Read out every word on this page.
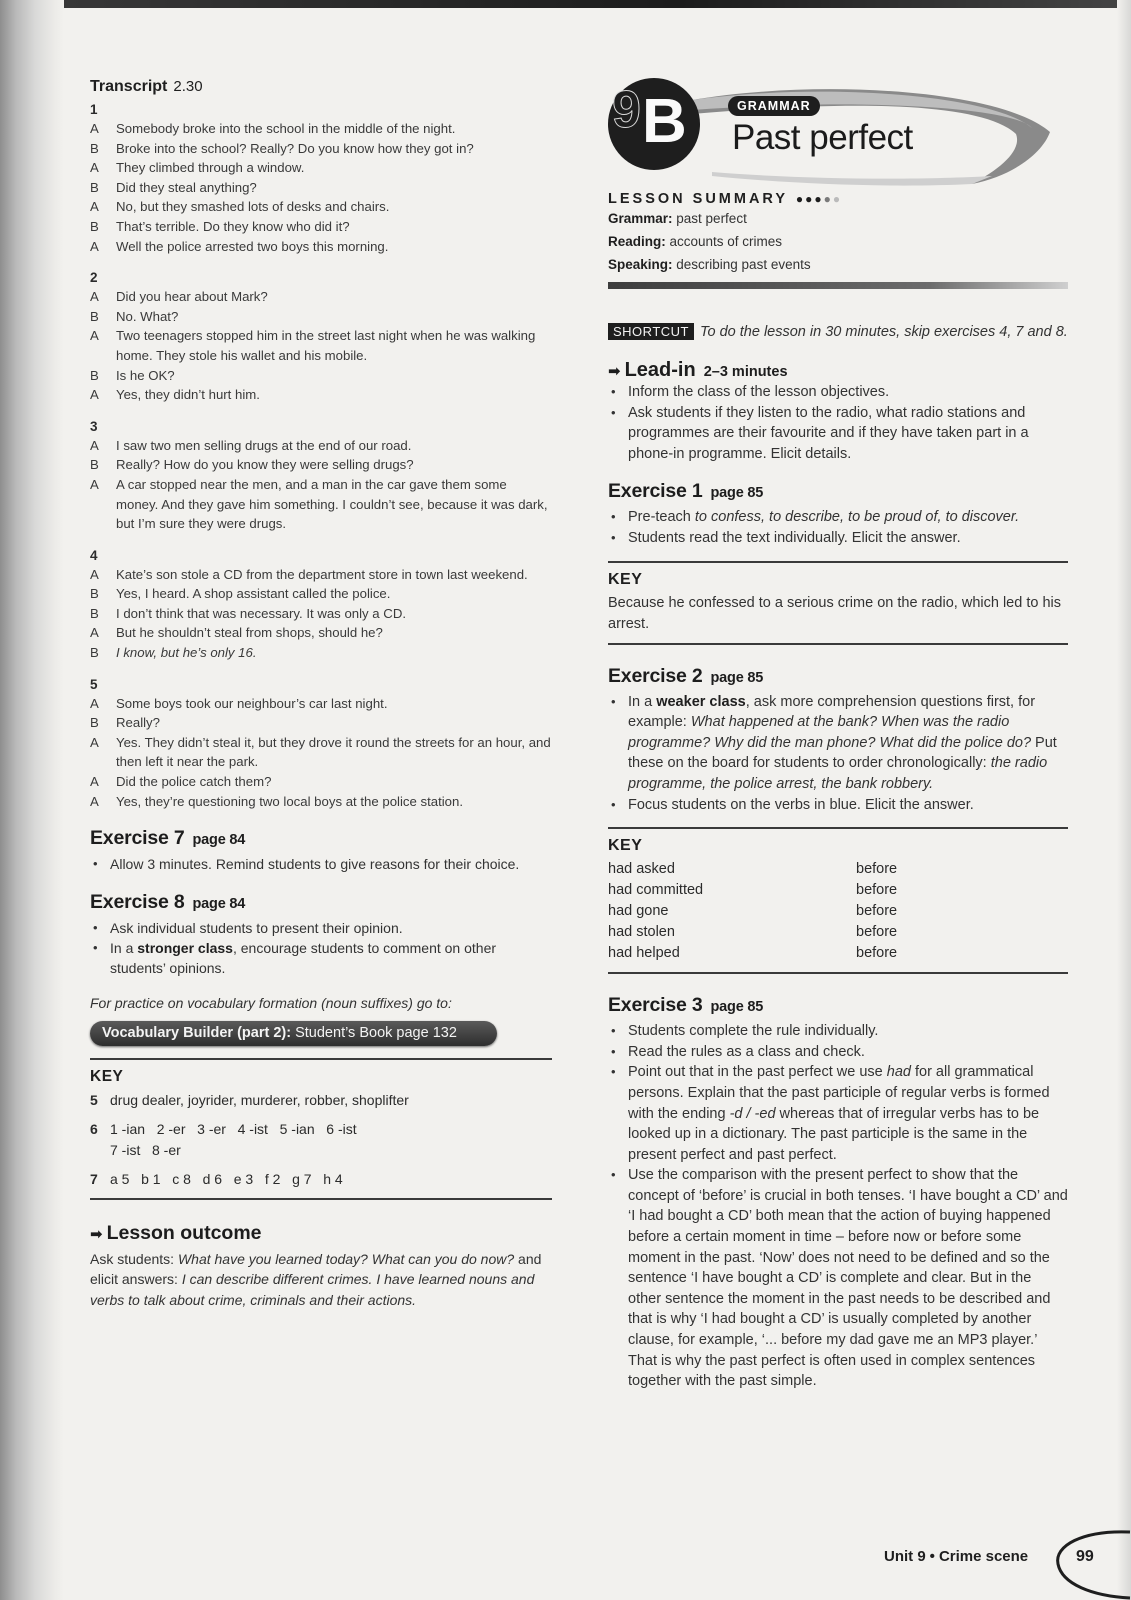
Transcript 2.30
1
A	Somebody broke into the school in the middle of the night.
B	Broke into the school? Really? Do you know how they got in?
A	They climbed through a window.
B	Did they steal anything?
A	No, but they smashed lots of desks and chairs.
B	That’s terrible. Do they know who did it?
A	Well the police arrested two boys this morning.
2
A	Did you hear about Mark?
B	No. What?
A	Two teenagers stopped him in the street last night when he was walking home. They stole his wallet and his mobile.
B	Is he OK?
A	Yes, they didn’t hurt him.
3
A	I saw two men selling drugs at the end of our road.
B	Really? How do you know they were selling drugs?
A	A car stopped near the men, and a man in the car gave them some money. And they gave him something. I couldn’t see, because it was dark, but I’m sure they were drugs.
4
A	Kate’s son stole a CD from the department store in town last weekend.
B	Yes, I heard. A shop assistant called the police.
B	I don’t think that was necessary. It was only a CD.
A	But he shouldn’t steal from shops, should he?
B	I know, but he’s only 16.
5
A	Some boys took our neighbour’s car last night.
B	Really?
A	Yes. They didn’t steal it, but they drove it round the streets for an hour, and then left it near the park.
A	Did the police catch them?
A	Yes, they’re questioning two local boys at the police station.
Exercise 7 page 84
• Allow 3 minutes. Remind students to give reasons for their choice.
Exercise 8 page 84
• Ask individual students to present their opinion.
• In a stronger class, encourage students to comment on other students’ opinions.
For practice on vocabulary formation (noun suffixes) go to:
Vocabulary Builder (part 2): Student’s Book page 132
KEY
5 drug dealer, joyrider, murderer, robber, shoplifter
6 1 -ian   2 -er   3 -er   4 -ist   5 -ian   6 -ist
7 -ist   8 -er
7 a 5   b 1   c 8   d 6   e 3   f 2   g 7   h 4
➡ Lesson outcome
Ask students: What have you learned today? What can you do now? and elicit answers: I can describe different crimes. I have learned nouns and verbs to talk about crime, criminals and their actions.
9 B	GRAMMAR
Past perfect
LESSON SUMMARY ●●●●●
Grammar: past perfect
Reading: accounts of crimes
Speaking: describing past events
SHORTCUT To do the lesson in 30 minutes, skip exercises 4, 7 and 8.
➡ Lead-in 2–3 minutes
• Inform the class of the lesson objectives.
• Ask students if they listen to the radio, what radio stations and programmes are their favourite and if they have taken part in a phone-in programme. Elicit details.
Exercise 1 page 85
• Pre-teach to confess, to describe, to be proud of, to discover.
• Students read the text individually. Elicit the answer.
KEY
Because he confessed to a serious crime on the radio, which led to his arrest.
Exercise 2 page 85
• In a weaker class, ask more comprehension questions first, for example: What happened at the bank? When was the radio programme? Why did the man phone? What did the police do? Put these on the board for students to order chronologically: the radio programme, the police arrest, the bank robbery.
• Focus students on the verbs in blue. Elicit the answer.
KEY
had asked	before
had committed	before
had gone	before
had stolen	before
had helped	before
Exercise 3 page 85
• Students complete the rule individually.
• Read the rules as a class and check.
• Point out that in the past perfect we use had for all grammatical persons. Explain that the past participle of regular verbs is formed with the ending -d / -ed whereas that of irregular verbs has to be looked up in a dictionary. The past participle is the same in the present perfect and past perfect.
• Use the comparison with the present perfect to show that the concept of ‘before’ is crucial in both tenses. ‘I have bought a CD’ and ‘I had bought a CD’ both mean that the action of buying happened before a certain moment in time – before now or before some moment in the past. ‘Now’ does not need to be defined and so the sentence ‘I have bought a CD’ is complete and clear. But in the other sentence the moment in the past needs to be described and that is why ‘I had bought a CD’ is usually completed by another clause, for example, ‘... before my dad gave me an MP3 player.’ That is why the past perfect is often used in complex sentences together with the past simple.
Unit 9 • Crime scene	99
